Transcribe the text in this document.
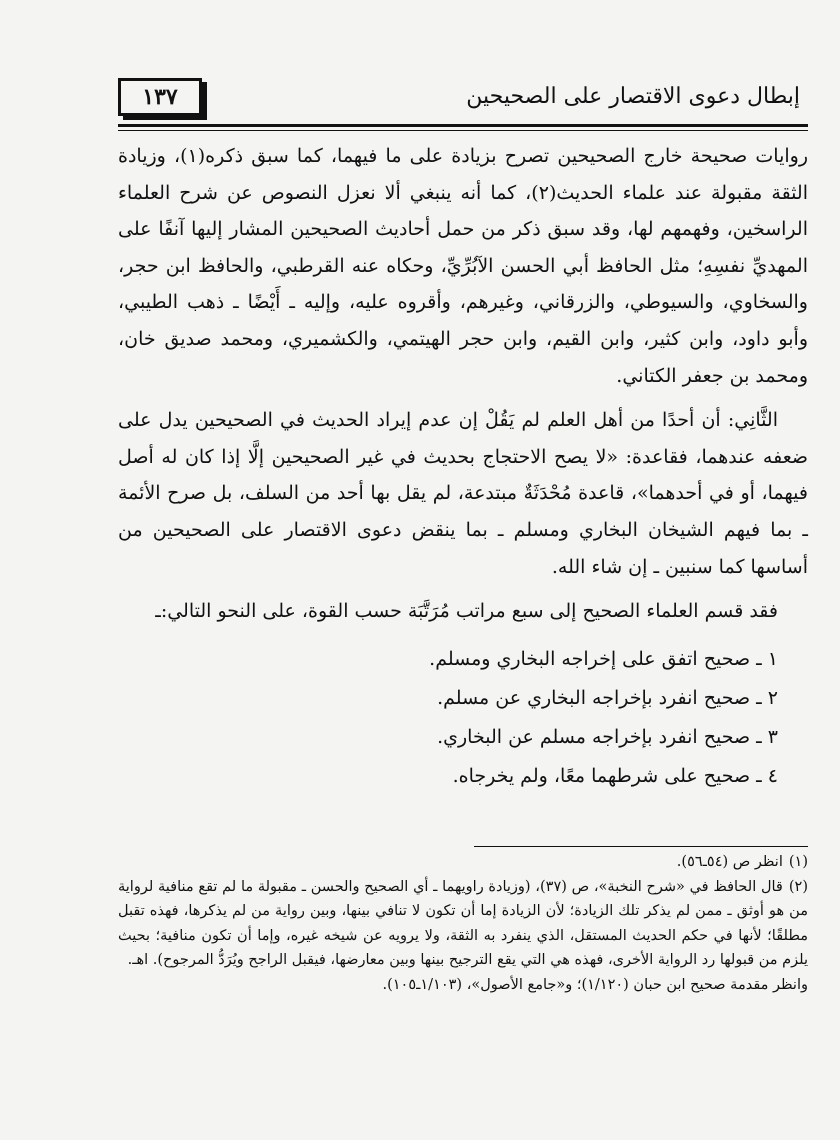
١٣٧	إبطال دعوى الاقتصار على الصحيحين

روايات صحيحة خارج الصحيحين تصرح بزيادة على ما فيهما، كما سبق ذكره(١)، وزيادة الثقة مقبولة عند علماء الحديث(٢)، كما أنه ينبغي ألا نعزل النصوص عن شرح العلماء الراسخين، وفهمهم لها، وقد سبق ذكر من حمل أحاديث الصحيحين المشار إليها آنفًا على المهديِّ نفسِهِ؛ مثل الحافظ أبي الحسن الآبُرِّيِّ، وحكاه عنه القرطبي، والحافظ ابن حجر، والسخاوي، والسيوطي، والزرقاني، وغيرهم، وأقروه عليه، وإليه ـ أَيْضًا ـ ذهب الطيبي، وأبو داود، وابن كثير، وابن القيم، وابن حجر الهيتمي، والكشميري، ومحمد صديق خان، ومحمد بن جعفر الكتاني.

الثَّانِي: أن أحدًا من أهل العلم لم يَقُلْ إن عدم إيراد الحديث في الصحيحين يدل على ضعفه عندهما، فقاعدة: «لا يصح الاحتجاج بحديث في غير الصحيحين إلَّا إذا كان له أصل فيهما، أو في أحدهما»، قاعدة مُحْدَثَةٌ مبتدعة، لم يقل بها أحد من السلف، بل صرح الأئمة ـ بما فيهم الشيخان البخاري ومسلم ـ بما ينقض دعوى الاقتصار على الصحيحين من أساسها كما سنبين ـ إن شاء الله.

فقد قسم العلماء الصحيح إلى سبع مراتب مُرَتَّبَة حسب القوة، على النحو التالي:ـ

١ ـ صحيح اتفق على إخراجه البخاري ومسلم.
٢ ـ صحيح انفرد بإخراجه البخاري عن مسلم.
٣ ـ صحيح انفرد بإخراجه مسلم عن البخاري.
٤ ـ صحيح على شرطهما معًا، ولم يخرجاه.

(١)انظر ص (٥٤ـ٥٦).

(٢)قال الحافظ في «شرح النخبة»، ص (٣٧)، (وزيادة راويهما ـ أي الصحيح والحسن ـ مقبولة ما لم تقع منافية لرواية من هو أوثق ـ ممن لم يذكر تلك الزيادة؛ لأن الزيادة إما أن تكون لا تنافي بينها، وبين رواية من لم يذكرها، فهذه تقبل مطلقًا؛ لأنها في حكم الحديث المستقل، الذي ينفرد به الثقة، ولا يرويه عن شيخه غيره، وإما أن تكون منافية؛ بحيث يلزم من قبولها رد الرواية الأخرى، فهذه هي التي يقع الترجيح بينها وبين معارضها، فيقبل الراجح ويُرَدُّ المرجوح). اهـ.

وانظر مقدمة صحيح ابن حبان (١/١٢٠)؛ و«جامع الأصول»، (١/١٠٣ـ١٠٥).
